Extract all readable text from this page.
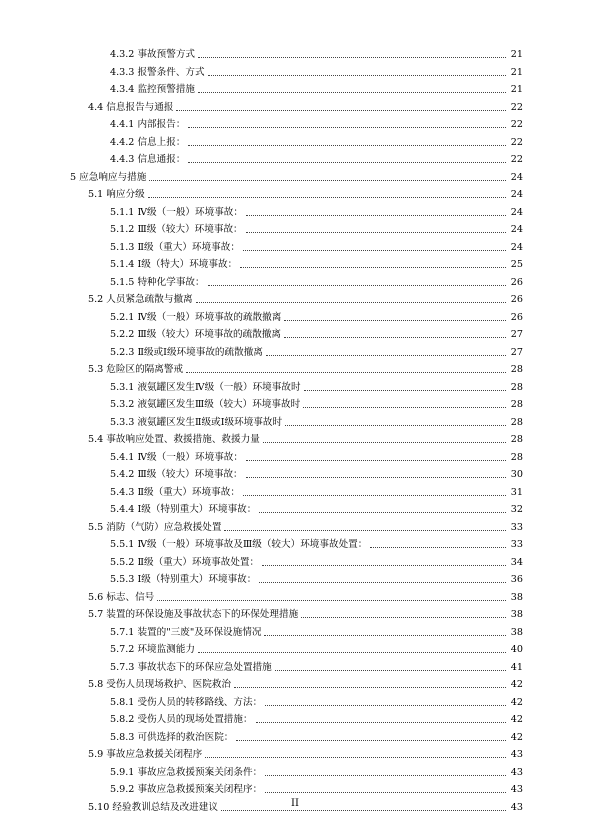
4.3.2 事故预警方式	21
4.3.3 报警条件、方式	21
4.3.4 监控预警措施	21
4.4 信息报告与通报	22
4.4.1 内部报告：	22
4.4.2 信息上报：	22
4.4.3 信息通报：	22
5 应急响应与措施	24
5.1 响应分级	24
5.1.1 Ⅳ级（一般）环境事故：	24
5.1.2 Ⅲ级（较大）环境事故：	24
5.1.3 Ⅱ级（重大）环境事故：	24
5.1.4 Ⅰ级（特大）环境事故：	25
5.1.5 特种化学事故：	26
5.2 人员紧急疏散与撤离	26
5.2.1 Ⅳ级（一般）环境事故的疏散撤离	26
5.2.2 Ⅲ级（较大）环境事故的疏散撤离	27
5.2.3 Ⅱ级或Ⅰ级环境事故的疏散撤离	27
5.3 危险区的隔离警戒	28
5.3.1 液氨罐区发生Ⅳ级（一般）环境事故时	28
5.3.2 液氨罐区发生Ⅲ级（较大）环境事故时	28
5.3.3 液氨罐区发生Ⅱ级或Ⅰ级环境事故时	28
5.4 事故响应处置、救援措施、救援力量	28
5.4.1 Ⅳ级（一般）环境事故：	28
5.4.2 Ⅲ级（较大）环境事故：	30
5.4.3 Ⅱ级（重大）环境事故：	31
5.4.4 Ⅰ级（特别重大）环境事故：	32
5.5 消防（气防）应急救援处置	33
5.5.1 Ⅳ级（一般）环境事故及Ⅲ级（较大）环境事故处置：	33
5.5.2 Ⅱ级（重大）环境事故处置：	34
5.5.3 Ⅰ级（特别重大）环境事故：	36
5.6 标志、信号	38
5.7 装置的环保设施及事故状态下的环保处理措施	38
5.7.1 装置的"三废"及环保设施情况	38
5.7.2 环境监测能力	40
5.7.3 事故状态下的环保应急处置措施	41
5.8 受伤人员现场救护、医院救治	42
5.8.1 受伤人员的转移路线、方法：	42
5.8.2 受伤人员的现场处置措施：	42
5.8.3 可供选择的救治医院：	42
5.9 事故应急救援关闭程序	43
5.9.1 事故应急救援预案关闭条件：	43
5.9.2 事故应急救援预案关闭程序：	43
5.10 经验教训总结及改进建议	43
II
